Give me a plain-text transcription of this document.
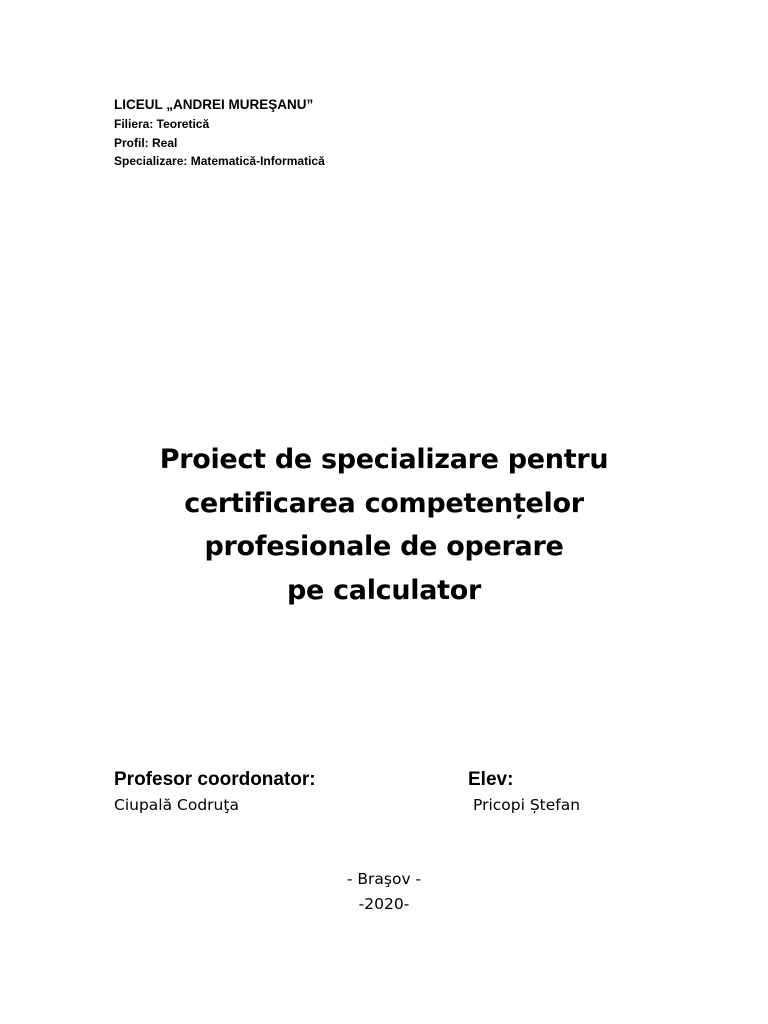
LICEUL „ANDREI MUREŞANU”
Filiera: Teoretică
Profil: Real
Specializare: Matematică-Informatică
Proiect de specializare pentru
certificarea competențelor
profesionale de operare
pe calculator
Profesor coordonator:	Elev:
Ciupală Codruţa	Pricopi Ștefan
- Braşov -
-2020-
